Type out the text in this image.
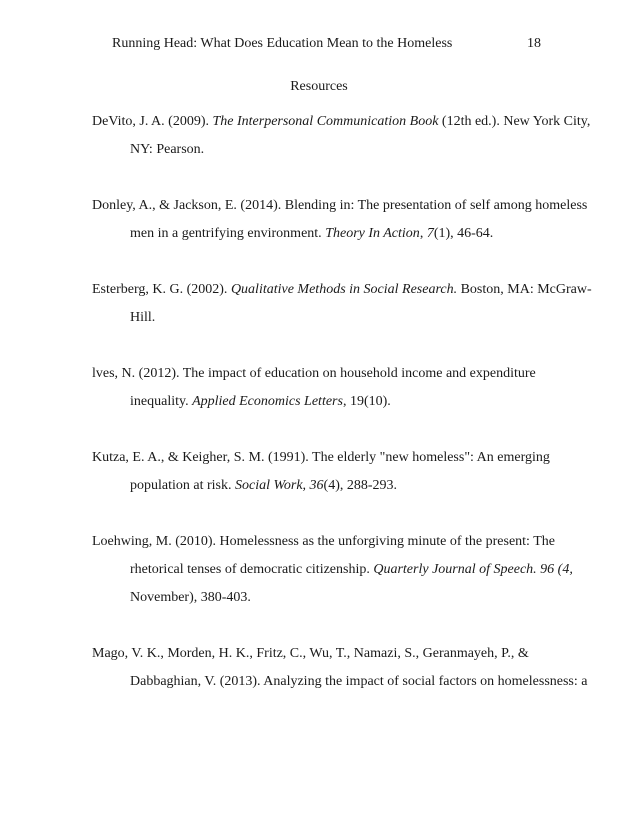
Running Head: What Does Education Mean to the Homeless	18
Resources
DeVito, J. A. (2009). The Interpersonal Communication Book (12th ed.). New York City,
NY: Pearson.
Donley, A., & Jackson, E. (2014). Blending in: The presentation of self among homeless
men in a gentrifying environment. Theory In Action, 7(1), 46-64.
Esterberg, K. G. (2002). Qualitative Methods in Social Research. Boston, MA: McGraw-
Hill.
lves, N. (2012). The impact of education on household income and expenditure
inequality. Applied Economics Letters, 19(10).
Kutza, E. A., & Keigher, S. M. (1991). The elderly "new homeless": An emerging
population at risk. Social Work, 36(4), 288-293.
Loehwing, M. (2010). Homelessness as the unforgiving minute of the present: The
rhetorical tenses of democratic citizenship. Quarterly Journal of Speech. 96 (4,
November), 380-403.
Mago, V. K., Morden, H. K., Fritz, C., Wu, T., Namazi, S., Geranmayeh, P., &
Dabbaghian, V. (2013). Analyzing the impact of social factors on homelessness: a
